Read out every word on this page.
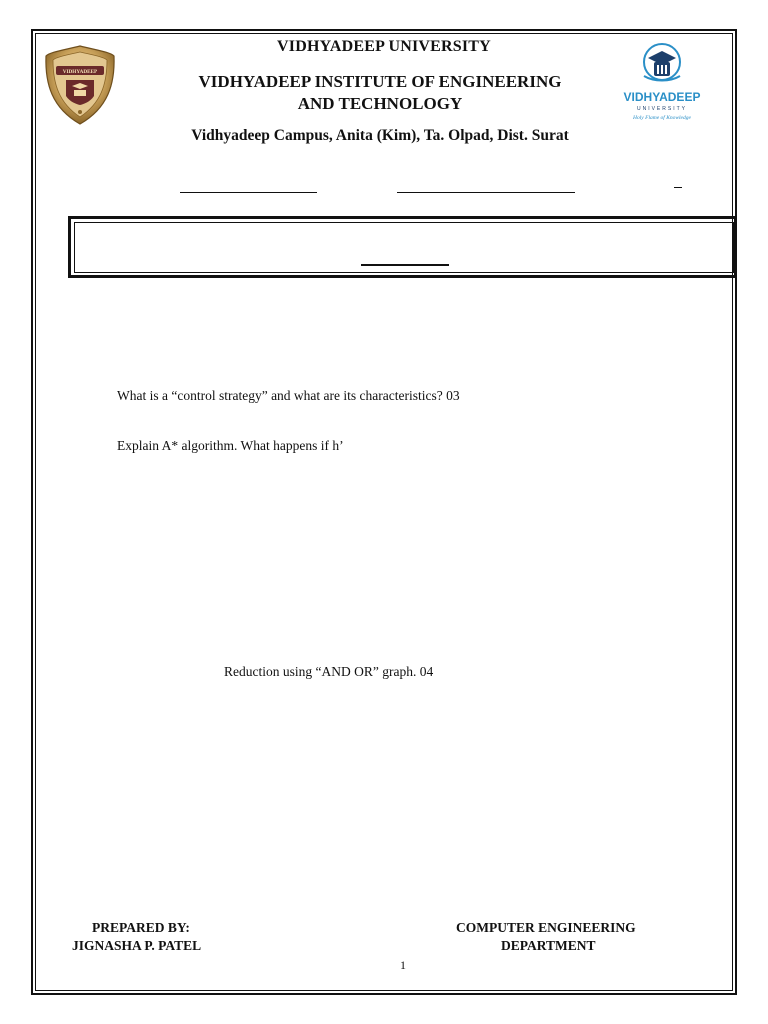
VIDHYADEEP
VIDHYADEEP
UNIVERSITY
Holy Flame of Knowledge
VIDHYADEEP UNIVERSITY
VIDHYADEEP INSTITUTE OF ENGINEERING
AND TECHNOLOGY
Vidhyadeep Campus, Anita (Kim), Ta. Olpad, Dist. Surat
What is a “control strategy” and what are its characteristics? 03
Explain A* algorithm. What happens if h’
Reduction using “AND OR” graph. 04
PREPARED BY:
JIGNASHA P. PATEL
COMPUTER ENGINEERING
DEPARTMENT
1
